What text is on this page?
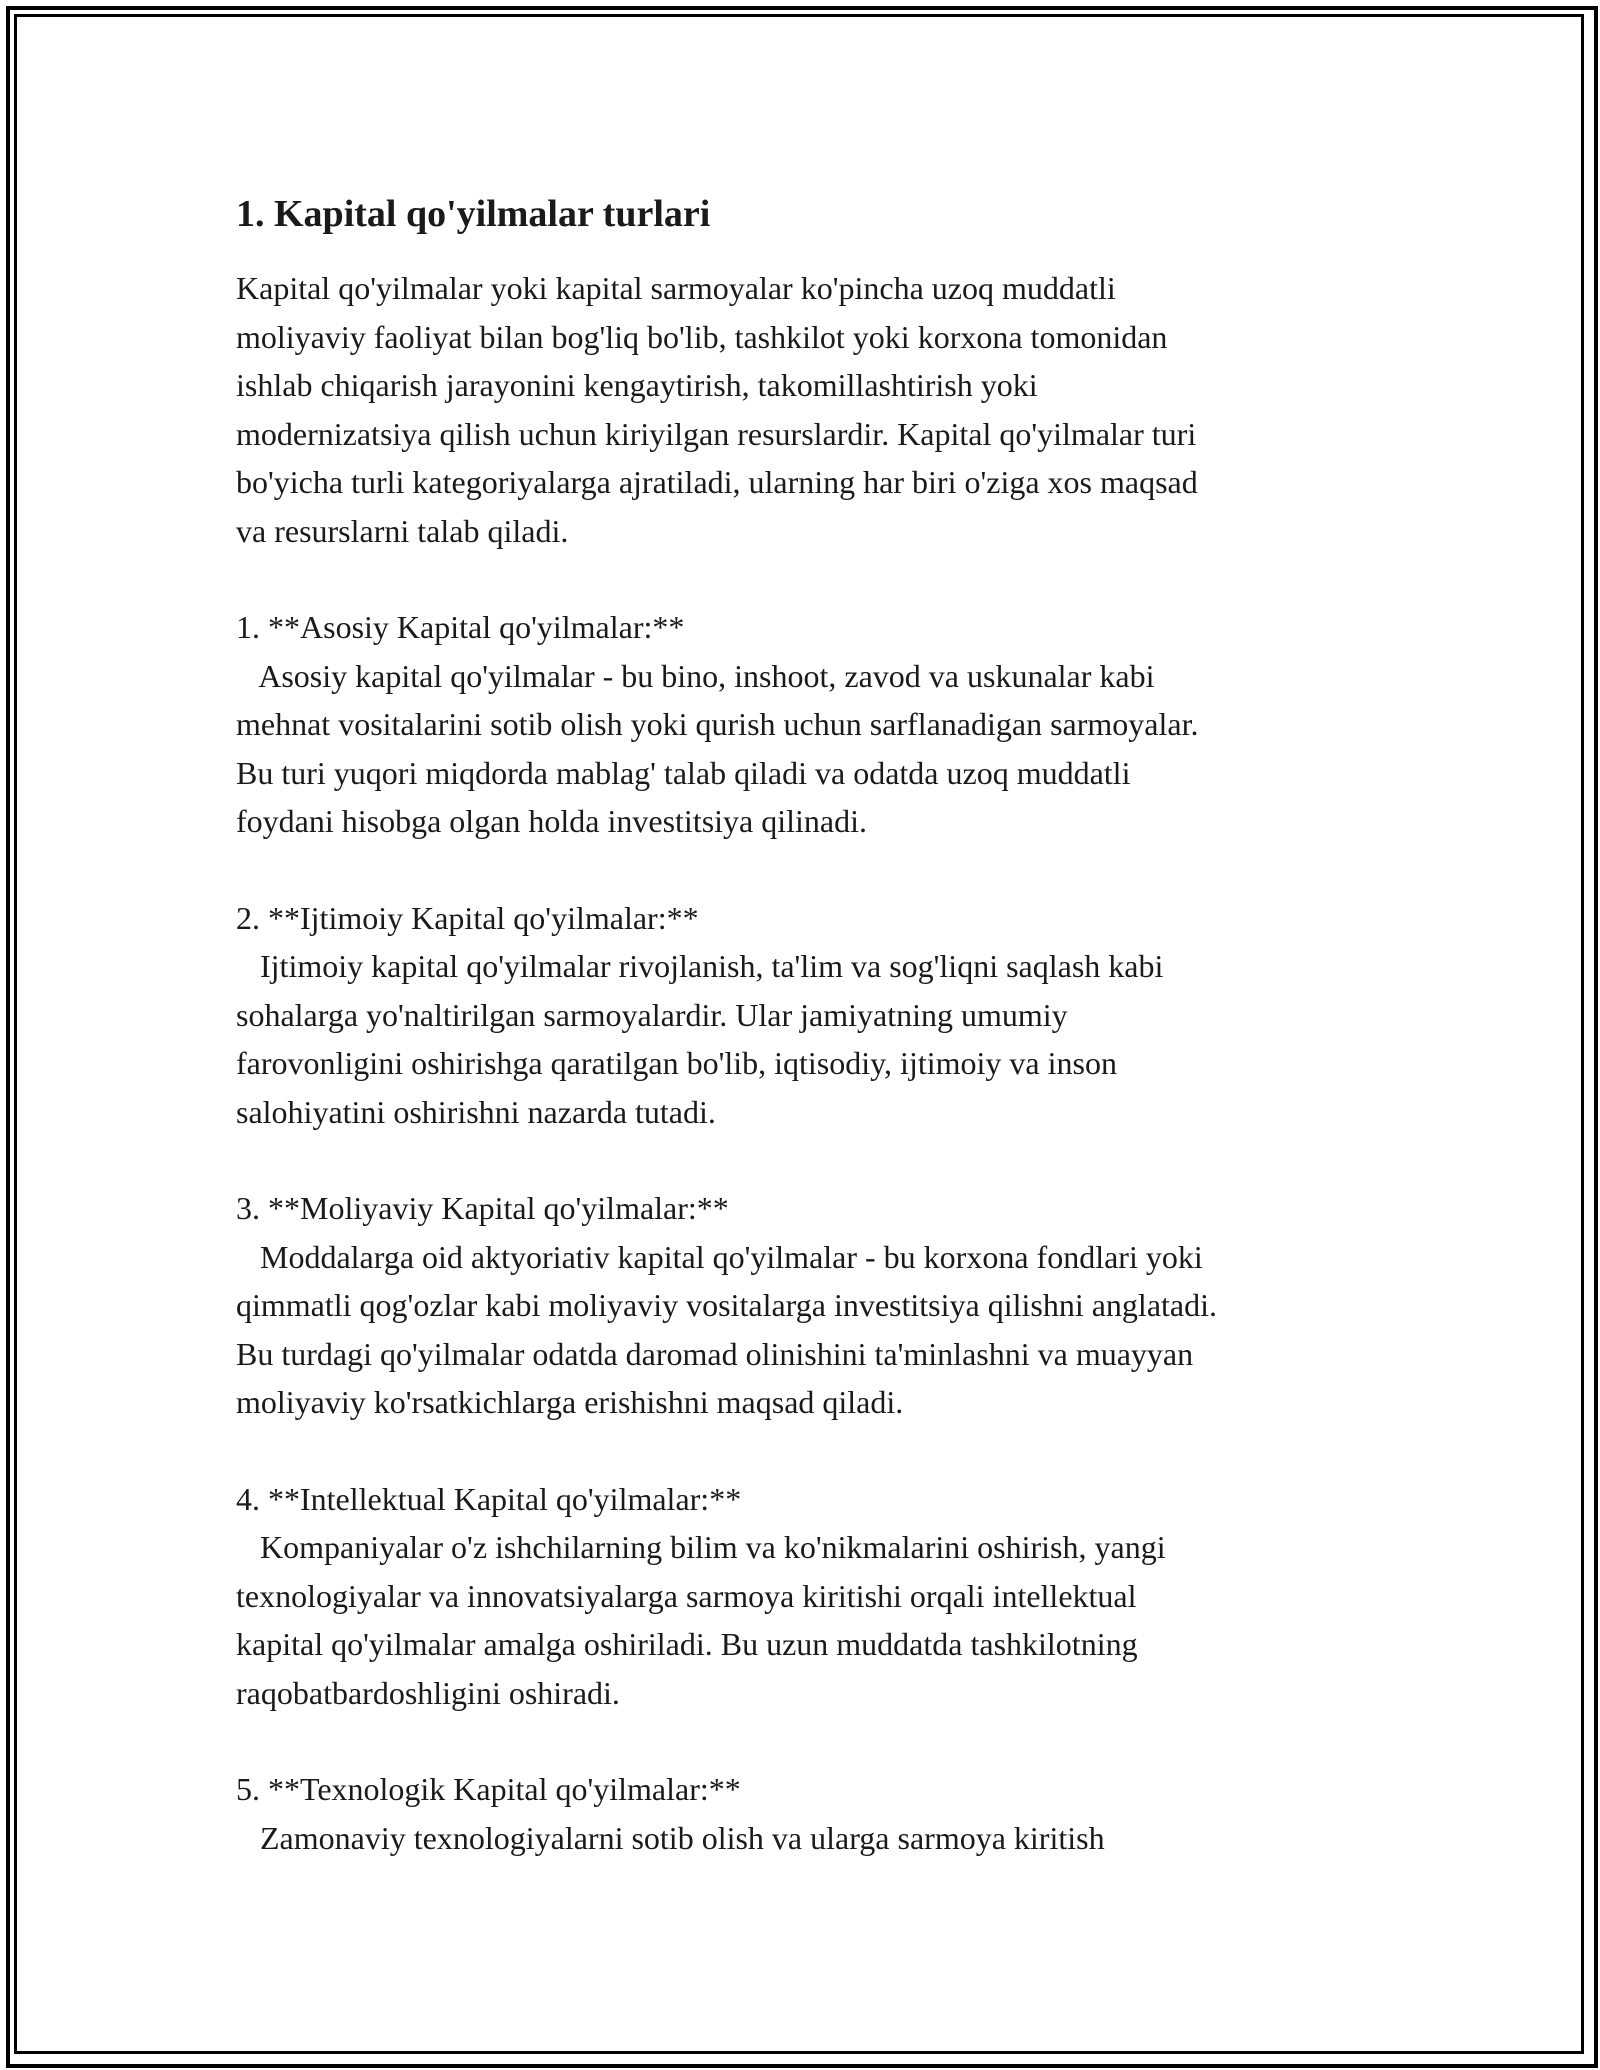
1. Kapital qo'yilmalar turlari
Kapital qo'yilmalar yoki kapital sarmoyalar ko'pincha uzoq muddatli
moliyaviy faoliyat bilan bog'liq bo'lib, tashkilot yoki korxona tomonidan
ishlab chiqarish jarayonini kengaytirish, takomillashtirish yoki
modernizatsiya qilish uchun kiriyilgan resurslardir. Kapital qo'yilmalar turi
bo'yicha turli kategoriyalarga ajratiladi, ularning har biri o'ziga xos maqsad
va resurslarni talab qiladi.
1. **Asosiy Kapital qo'yilmalar:**
Asosiy kapital qo'yilmalar - bu bino, inshoot, zavod va uskunalar kabi
mehnat vositalarini sotib olish yoki qurish uchun sarflanadigan sarmoyalar.
Bu turi yuqori miqdorda mablag' talab qiladi va odatda uzoq muddatli
foydani hisobga olgan holda investitsiya qilinadi.
2. **Ijtimoiy Kapital qo'yilmalar:**
Ijtimoiy kapital qo'yilmalar rivojlanish, ta'lim va sog'liqni saqlash kabi
sohalarga yo'naltirilgan sarmoyalardir. Ular jamiyatning umumiy
farovonligini oshirishga qaratilgan bo'lib, iqtisodiy, ijtimoiy va inson
salohiyatini oshirishni nazarda tutadi.
3. **Moliyaviy Kapital qo'yilmalar:**
Moddalarga oid aktyoriativ kapital qo'yilmalar - bu korxona fondlari yoki
qimmatli qog'ozlar kabi moliyaviy vositalarga investitsiya qilishni anglatadi.
Bu turdagi qo'yilmalar odatda daromad olinishini ta'minlashni va muayyan
moliyaviy ko'rsatkichlarga erishishni maqsad qiladi.
4. **Intellektual Kapital qo'yilmalar:**
Kompaniyalar o'z ishchilarning bilim va ko'nikmalarini oshirish, yangi
texnologiyalar va innovatsiyalarga sarmoya kiritishi orqali intellektual
kapital qo'yilmalar amalga oshiriladi. Bu uzun muddatda tashkilotning
raqobatbardoshligini oshiradi.
5. **Texnologik Kapital qo'yilmalar:**
Zamonaviy texnologiyalarni sotib olish va ularga sarmoya kiritish
